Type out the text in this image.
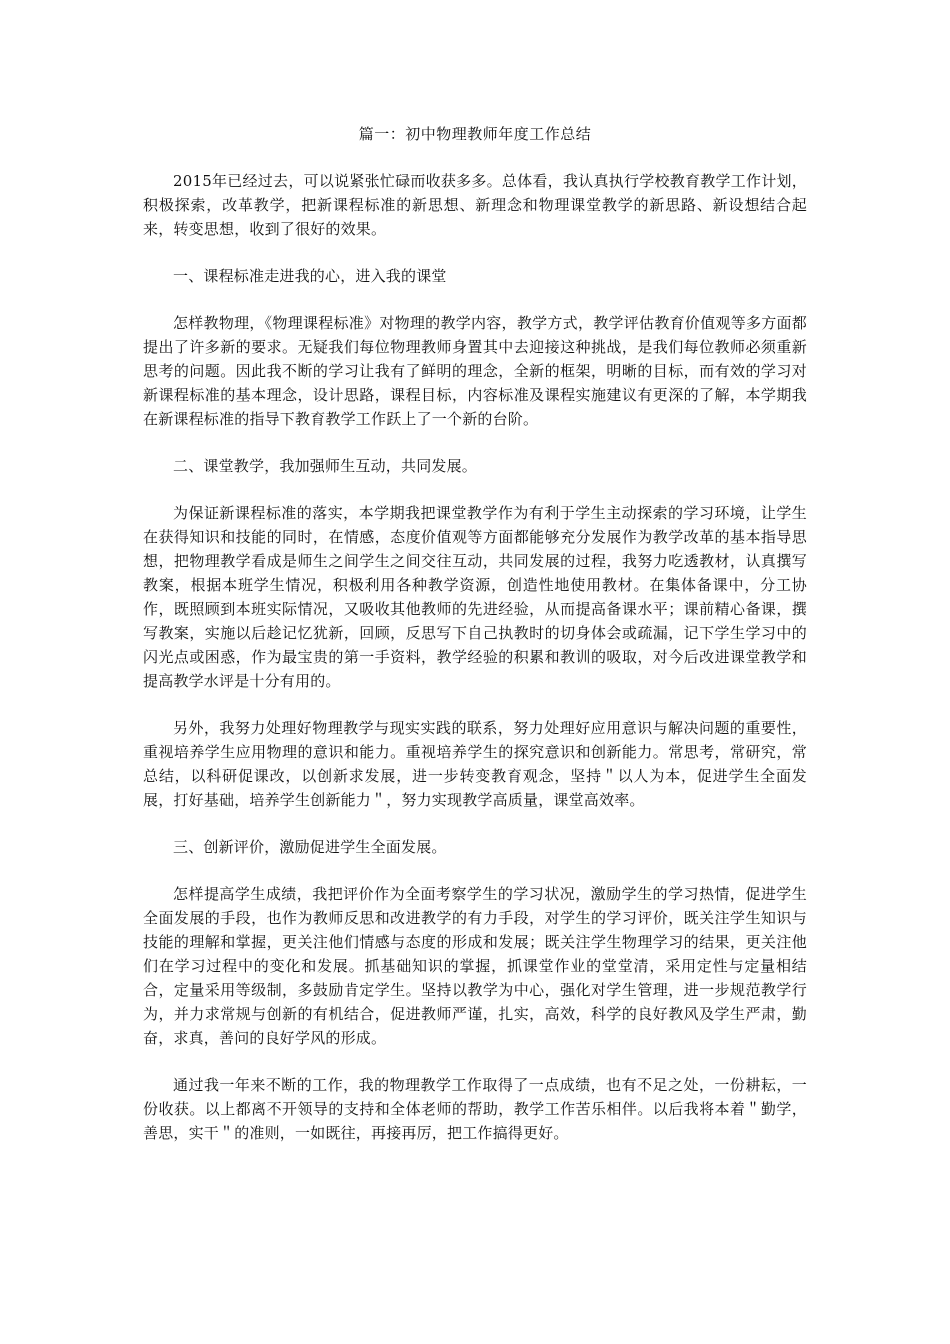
篇一：初中物理教师年度工作总结

2015年已经过去，可以说紧张忙碌而收获多多。总体看，我认真执行学校教育教学工作计划，积极探索，改革教学，把新课程标准的新思想、新理念和物理课堂教学的新思路、新设想结合起来，转变思想，收到了很好的效果。

一、课程标准走进我的心，进入我的课堂

怎样教物理，《物理课程标准》对物理的教学内容，教学方式，教学评估教育价值观等多方面都提出了许多新的要求。无疑我们每位物理教师身置其中去迎接这种挑战，是我们每位教师必须重新思考的问题。因此我不断的学习让我有了鲜明的理念，全新的框架，明晰的目标，而有效的学习对新课程标准的基本理念，设计思路，课程目标，内容标准及课程实施建议有更深的了解，本学期我在新课程标准的指导下教育教学工作跃上了一个新的台阶。

二、课堂教学，我加强师生互动，共同发展。

为保证新课程标准的落实，本学期我把课堂教学作为有利于学生主动探索的学习环境，让学生在获得知识和技能的同时，在情感，态度价值观等方面都能够充分发展作为教学改革的基本指导思想，把物理教学看成是师生之间学生之间交往互动，共同发展的过程，我努力吃透教材，认真撰写教案，根据本班学生情况，积极利用各种教学资源，创造性地使用教材。在集体备课中，分工协作，既照顾到本班实际情况，又吸收其他教师的先进经验，从而提高备课水平；课前精心备课，撰写教案，实施以后趁记忆犹新，回顾，反思写下自己执教时的切身体会或疏漏，记下学生学习中的闪光点或困惑，作为最宝贵的第一手资料，教学经验的积累和教训的吸取，对今后改进课堂教学和提高教学水评是十分有用的。

另外，我努力处理好物理教学与现实实践的联系，努力处理好应用意识与解决问题的重要性，重视培养学生应用物理的意识和能力。重视培养学生的探究意识和创新能力。常思考，常研究，常总结，以科研促课改，以创新求发展，进一步转变教育观念，坚持＂以人为本，促进学生全面发展，打好基础，培养学生创新能力＂，努力实现教学高质量，课堂高效率。

三、创新评价，激励促进学生全面发展。

怎样提高学生成绩，我把评价作为全面考察学生的学习状况，激励学生的学习热情，促进学生全面发展的手段，也作为教师反思和改进教学的有力手段，对学生的学习评价，既关注学生知识与技能的理解和掌握，更关注他们情感与态度的形成和发展；既关注学生物理学习的结果，更关注他们在学习过程中的变化和发展。抓基础知识的掌握，抓课堂作业的堂堂清，采用定性与定量相结合，定量采用等级制，多鼓励肯定学生。坚持以教学为中心，强化对学生管理，进一步规范教学行为，并力求常规与创新的有机结合，促进教师严谨，扎实，高效，科学的良好教风及学生严肃，勤奋，求真，善问的良好学风的形成。

通过我一年来不断的工作，我的物理教学工作取得了一点成绩，也有不足之处，一份耕耘，一份收获。以上都离不开领导的支持和全体老师的帮助，教学工作苦乐相伴。以后我将本着＂勤学，善思，实干＂的准则，一如既往，再接再厉，把工作搞得更好。
